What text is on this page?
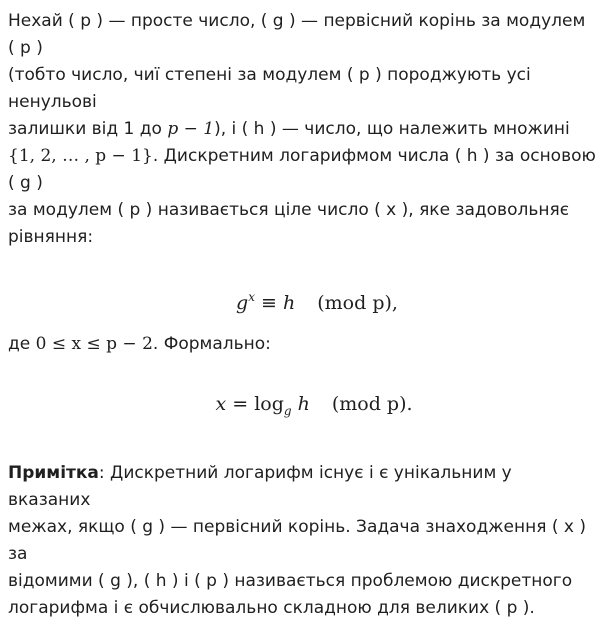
Нехай ( p ) — просте число, ( g ) — первісний корінь за модулем ( p )
(тобто число, чиї степені за модулем ( p ) породжують усі ненульові
залишки від 1 до p − 1), і ( h ) — число, що належить множині
{1, 2, … , p − 1}. Дискретним логарифмом числа ( h ) за основою ( g )
за модулем ( p ) називається ціле число ( x ), яке задовольняє
рівняння:

$g^x \equiv h$ (mod p),

де 0 ≤ x ≤ p − 2. Формально:

$x = \log_g h$ (mod p).

Примітка: Дискретний логарифм існує і є унікальним у вказаних
межах, якщо ( g ) — первісний корінь. Задача знаходження ( x ) за
відомими ( g ), ( h ) і ( p ) називається проблемою дискретного
логарифма і є обчислювально складною для великих ( p ).
